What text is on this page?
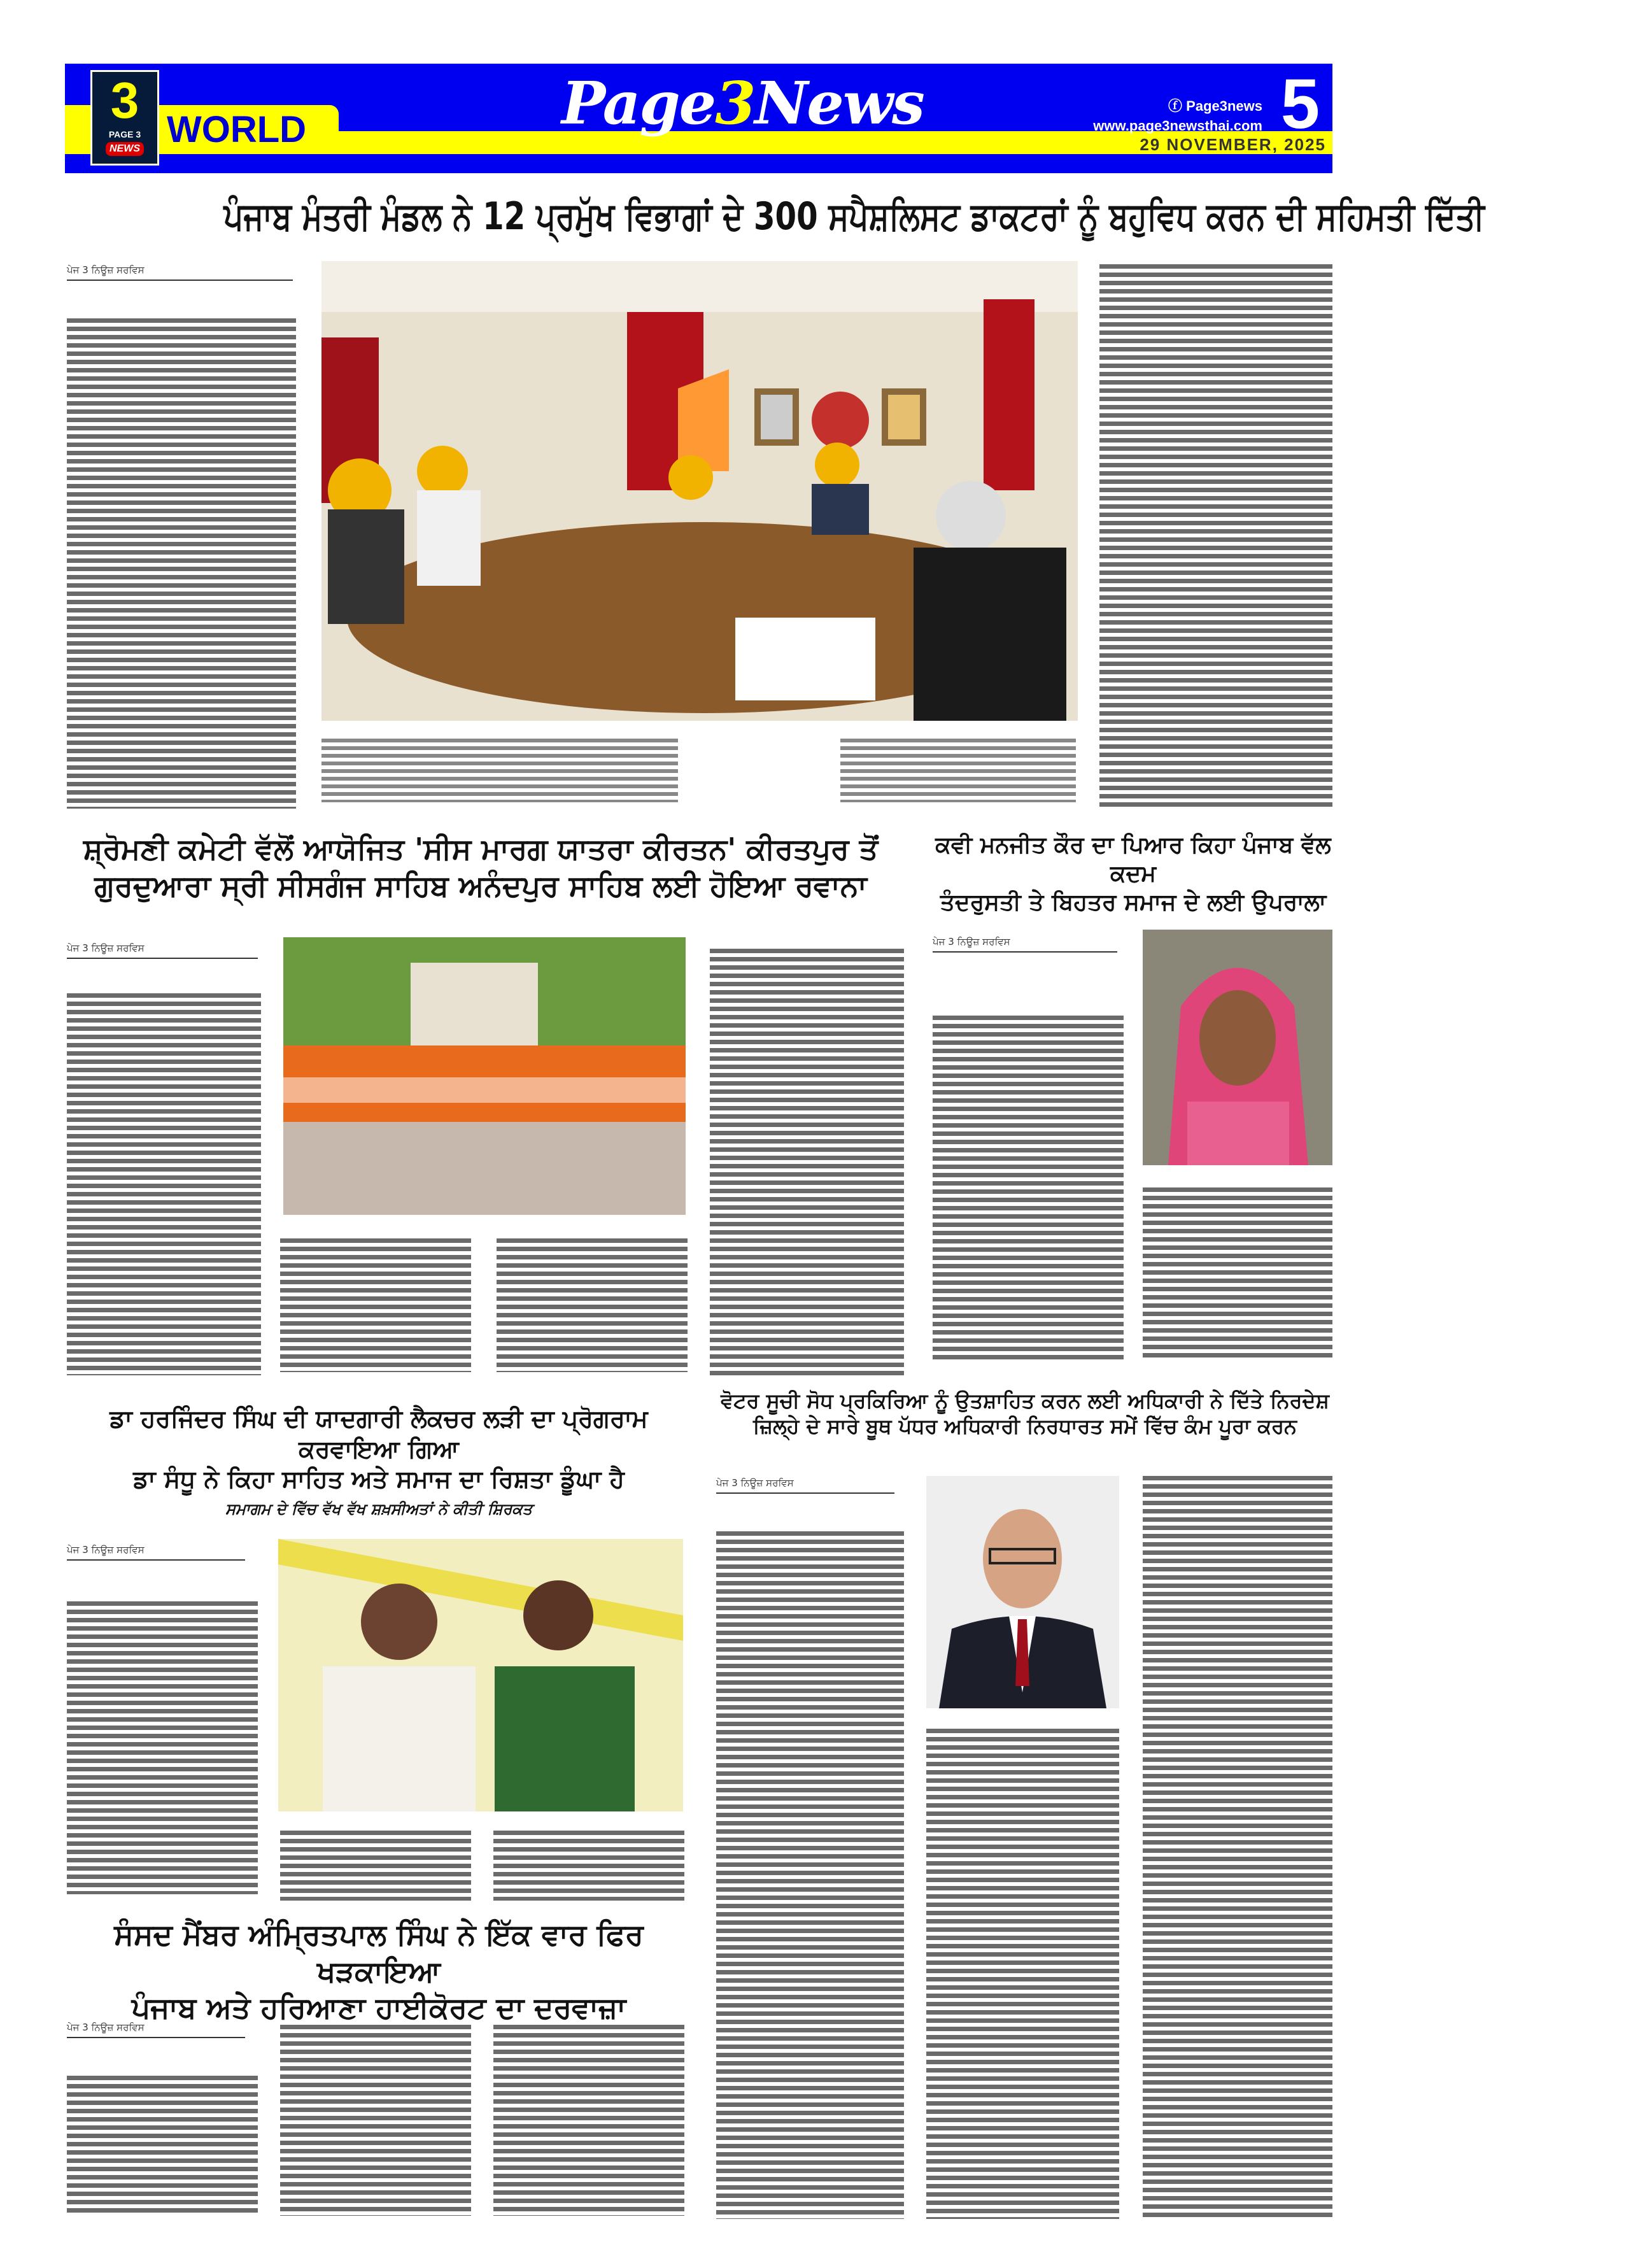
WORLD
3
PAGE 3
NEWS
Page3News	ⓕ Page3news
www.page3newsthai.com 5
29 NOVEMBER, 2025
ਪੰਜਾਬ ਮੰਤਰੀ ਮੰਡਲ ਨੇ 12 ਪ੍ਰਮੁੱਖ ਵਿਭਾਗਾਂ ਦੇ 300 ਸਪੈਸ਼ਲਿਸਟ ਡਾਕਟਰਾਂ ਨੂੰ ਬਹੁਵਿਧ ਕਰਨ ਦੀ ਸਹਿਮਤੀ ਦਿੱਤੀ
ਪੇਜ 3 ਨਿਊਜ਼ ਸਰਵਿਸ
ਸ਼੍ਰੋਮਣੀ ਕਮੇਟੀ ਵੱਲੋਂ ਆਯੋਜਿਤ 'ਸੀਸ ਮਾਰਗ ਯਾਤਰਾ ਕੀਰਤਨ' ਕੀਰਤਪੁਰ ਤੋਂ
ਗੁਰਦੁਆਰਾ ਸ੍ਰੀ ਸੀਸਗੰਜ ਸਾਹਿਬ ਅਨੰਦਪੁਰ ਸਾਹਿਬ ਲਈ ਹੋਇਆ ਰਵਾਨਾ
ਪੇਜ 3 ਨਿਊਜ਼ ਸਰਵਿਸ
ਕਵੀ ਮਨਜੀਤ ਕੌਰ ਦਾ ਪਿਆਰ ਕਿਹਾ ਪੰਜਾਬ ਵੱਲ ਕਦਮ
ਤੰਦਰੁਸਤੀ ਤੇ ਬਿਹਤਰ ਸਮਾਜ ਦੇ ਲਈ ਉਪਰਾਲਾ
ਪੇਜ 3 ਨਿਊਜ਼ ਸਰਵਿਸ
ਡਾ ਹਰਜਿੰਦਰ ਸਿੰਘ ਦੀ ਯਾਦਗਾਰੀ ਲੈਕਚਰ ਲੜੀ ਦਾ ਪ੍ਰੋਗਰਾਮ ਕਰਵਾਇਆ ਗਿਆ
ਡਾ ਸੰਧੂ ਨੇ ਕਿਹਾ ਸਾਹਿਤ ਅਤੇ ਸਮਾਜ ਦਾ ਰਿਸ਼ਤਾ ਡੂੰਘਾ ਹੈ
ਸਮਾਗਮ ਦੇ ਵਿੱਚ ਵੱਖ ਵੱਖ ਸ਼ਖ਼ਸੀਅਤਾਂ ਨੇ ਕੀਤੀ ਸ਼ਿਰਕਤ
ਪੇਜ 3 ਨਿਊਜ਼ ਸਰਵਿਸ
ਵੋਟਰ ਸੂਚੀ ਸੋਧ ਪ੍ਰਕਿਰਿਆ ਨੂੰ ਉਤਸ਼ਾਹਿਤ ਕਰਨ ਲਈ ਅਧਿਕਾਰੀ ਨੇ ਦਿੱਤੇ ਨਿਰਦੇਸ਼
ਜ਼ਿਲ੍ਹੇ ਦੇ ਸਾਰੇ ਬੂਥ ਪੱਧਰ ਅਧਿਕਾਰੀ ਨਿਰਧਾਰਤ ਸਮੇਂ ਵਿੱਚ ਕੰਮ ਪੂਰਾ ਕਰਨ
ਪੇਜ 3 ਨਿਊਜ਼ ਸਰਵਿਸ
ਸੰਸਦ ਮੈਂਬਰ ਅੰਮ੍ਰਿਤਪਾਲ ਸਿੰਘ ਨੇ ਇੱਕ ਵਾਰ ਫਿਰ ਖੜਕਾਇਆ
ਪੰਜਾਬ ਅਤੇ ਹਰਿਆਣਾ ਹਾਈਕੋਰਟ ਦਾ ਦਰਵਾਜ਼ਾ
ਪੇਜ 3 ਨਿਊਜ਼ ਸਰਵਿਸ
